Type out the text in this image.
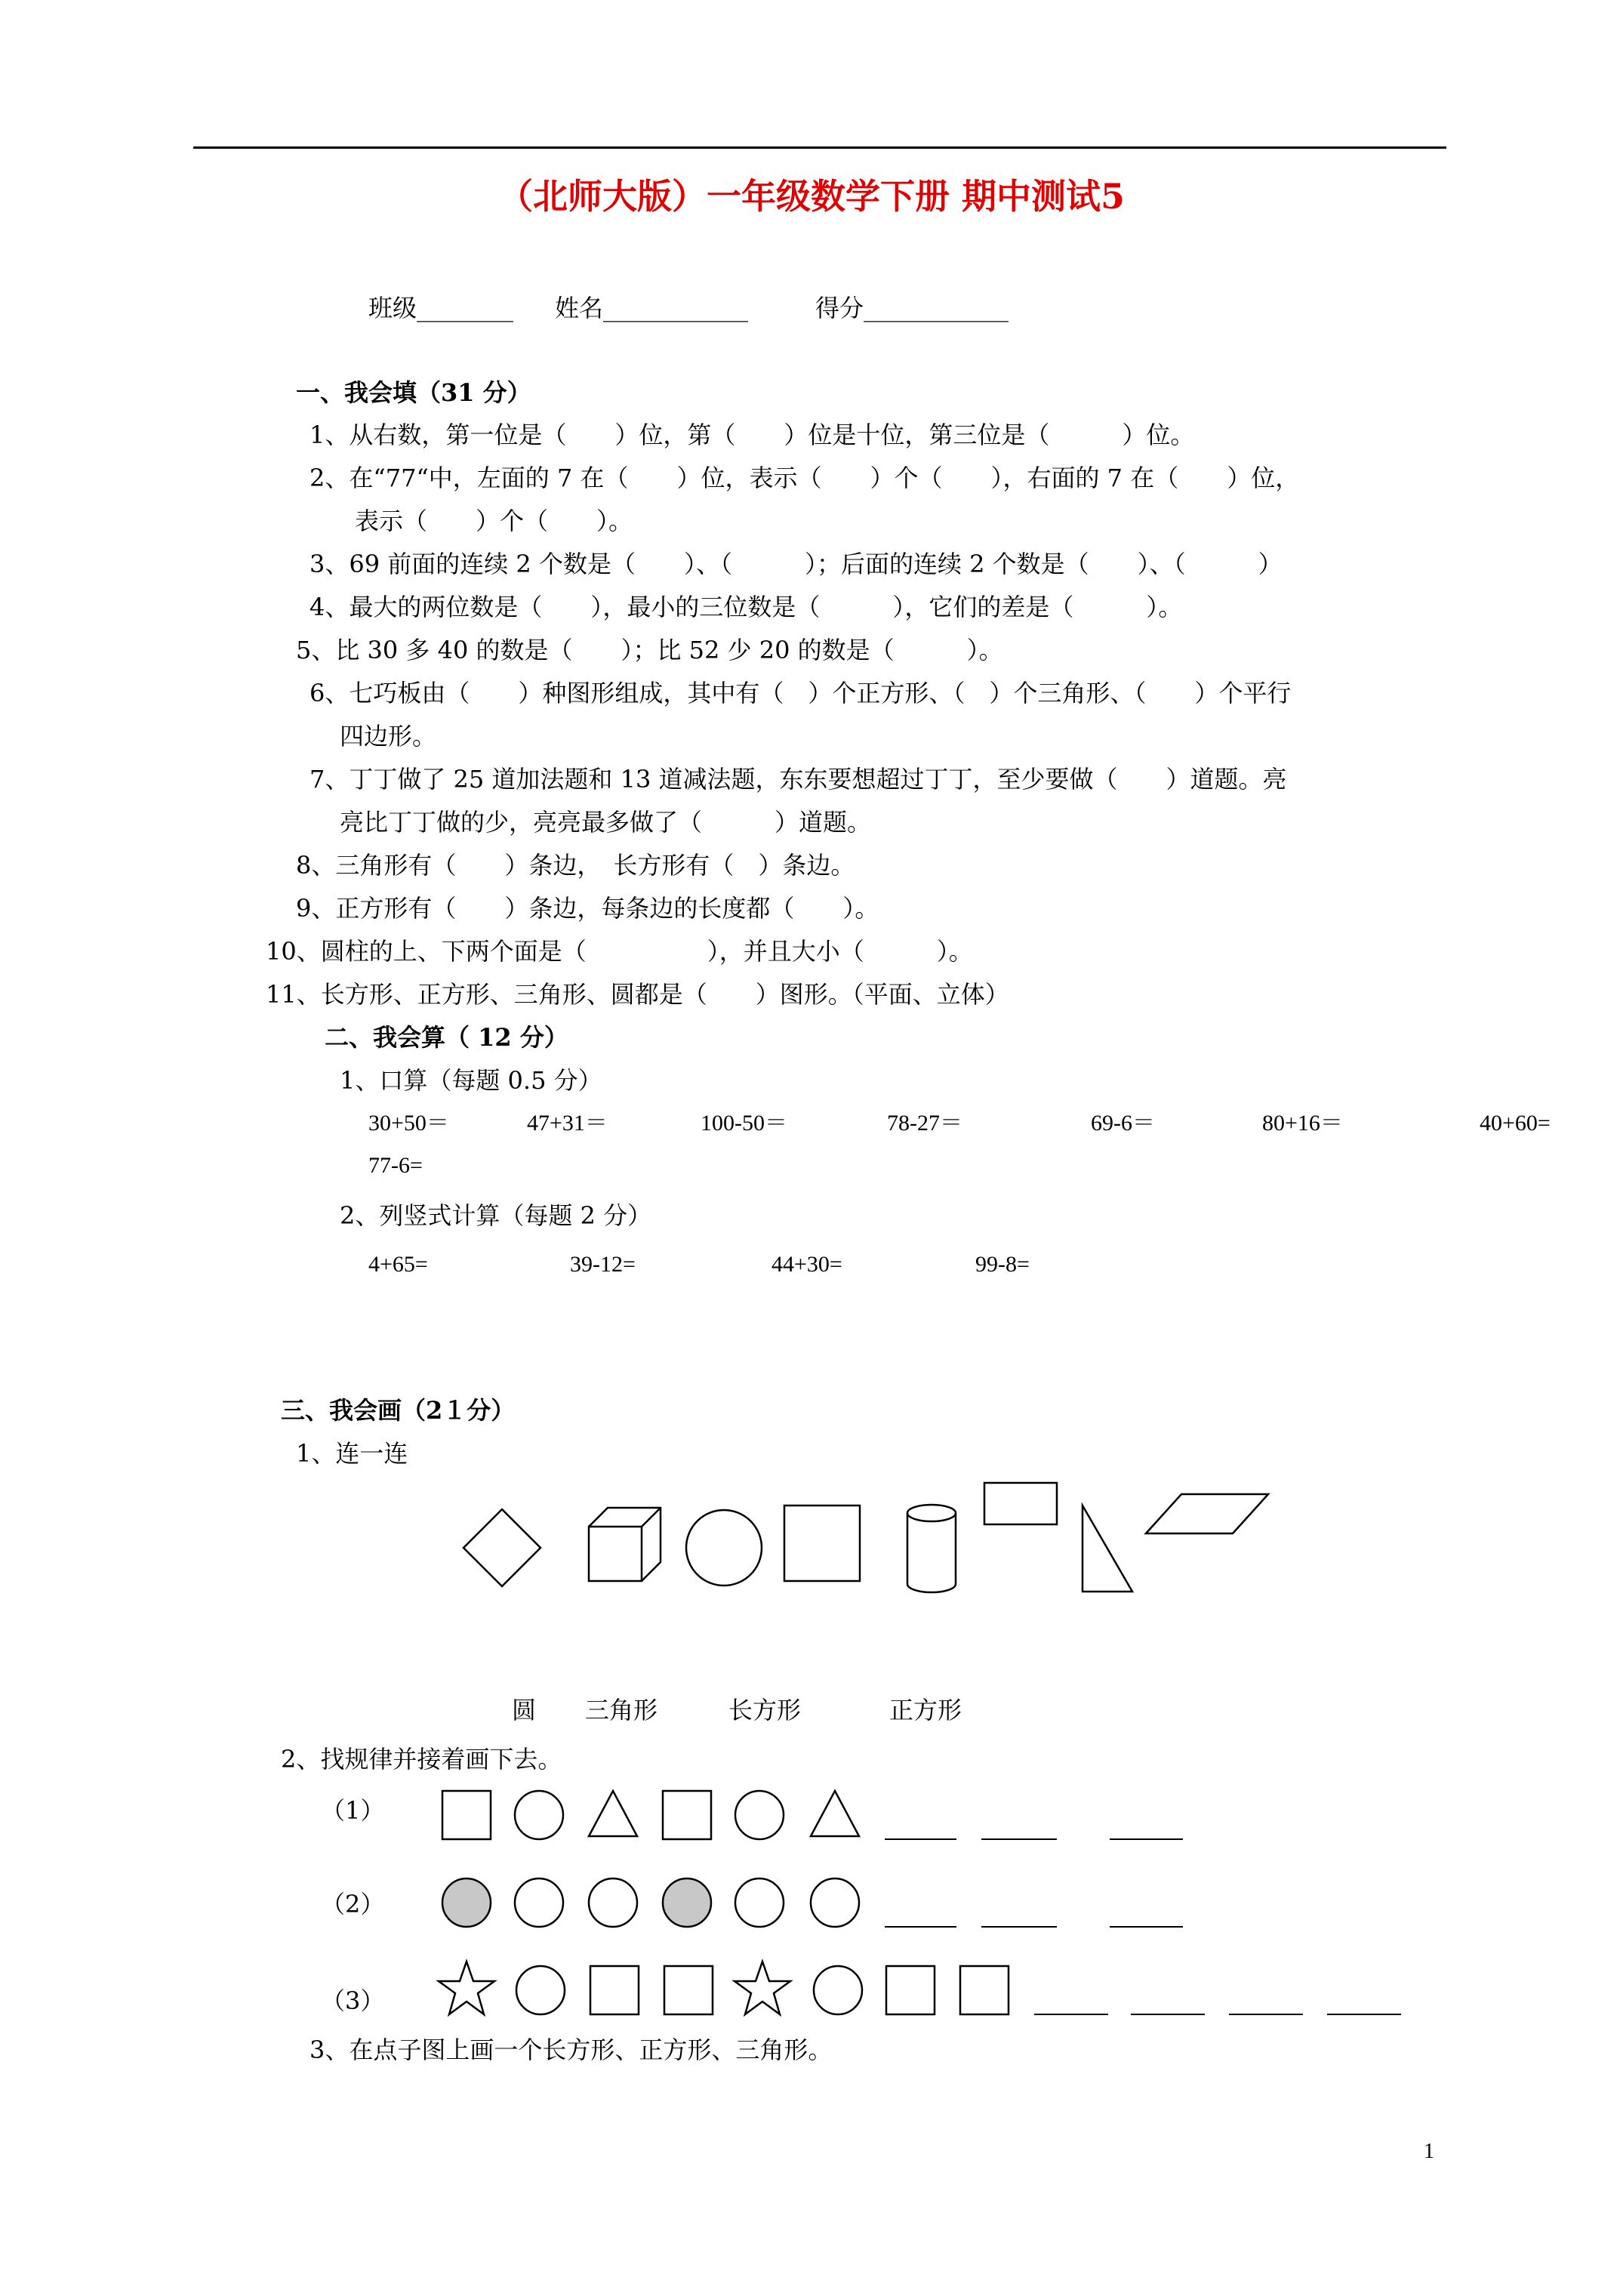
（北师大版）一年级数学下册 期中测试5
班级________ 姓名____________	得分____________
一、我会填（31 分）
1、从右数，第一位是（　　）位，第（　　）位是十位，第三位是（　　　）位。
2、在“77“中，左面的 7 在（　　）位，表示（　　）个（　　），右面的 7 在（　　）位，
表示（　　）个（　　）。
3、69 前面的连续 2 个数是（　　）、（　　　）；后面的连续 2 个数是（　　）、（　　　）
4、最大的两位数是（　　），最小的三位数是（　　　），它们的差是（　　　）。
5、比 30 多 40 的数是（　　）；比 52 少 20 的数是（　　　）。
6、七巧板由（　　）种图形组成，其中有（　）个正方形、（　）个三角形、（　　）个平行
四边形。
7、丁丁做了 25 道加法题和 13 道减法题，东东要想超过丁丁，至少要做（　　）道题。亮
亮比丁丁做的少，亮亮最多做了（　　　）道题。
8、三角形有（　　）条边，　长方形有（　）条边。
9、正方形有（　　）条边，每条边的长度都（　　）。
10、圆柱的上、下两个面是（　　　　　），并且大小（　　　）。
11、长方形、正方形、三角形、圆都是（　　）图形。（平面、立体）
二、我会算（ 12 分）
1、口算（每题 0.5 分）
30+50＝	47+31＝	100-50＝	78-27＝	69-6＝	80+16＝	40+60=
77-6=
2、列竖式计算（每题 2 分）
4+65=	39-12=	44+30=	99-8=
三、我会画（2１分）
1、连一连
圆 三角形	长方形	正方形
2、找规律并接着画下去。
（1）
（2）
（3）
3、在点子图上画一个长方形、正方形、三角形。
1
